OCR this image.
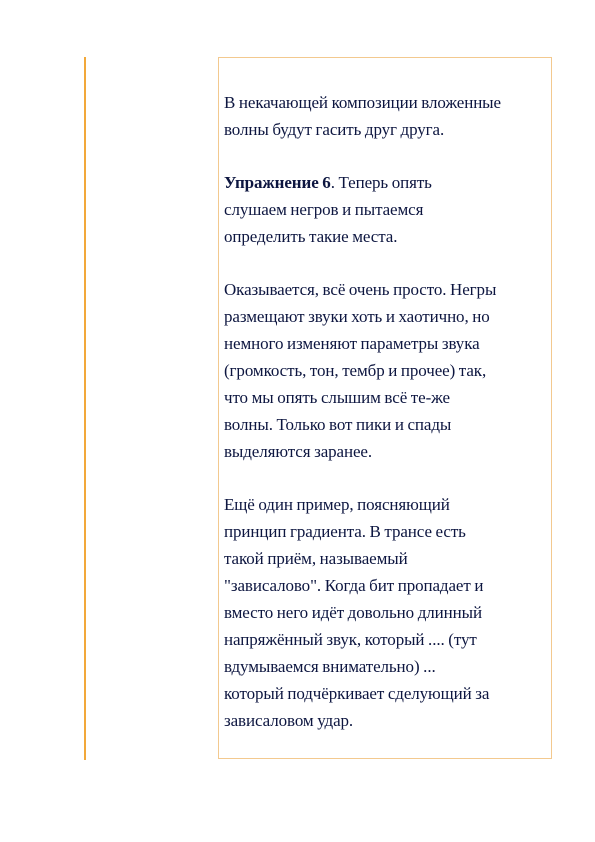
В некачающей композиции вложенные
волны будут гасить друг друга.

Упражнение 6. Теперь опять
слушаем негров и пытаемся
определить такие места.

Оказывается, всё очень просто. Негры
размещают звуки хоть и хаотично, но
немного изменяют параметры звука
(громкость, тон, тембр и прочее) так,
что мы опять слышим всё те-же
волны. Только вот пики и спады
выделяются заранее.

Ещё один пример, поясняющий
принцип градиента. В трансе есть
такой приём, называемый
"зависалово". Когда бит пропадает и
вместо него идёт довольно длинный
напряжённый звук, который .... (тут
вдумываемся внимательно) ...
который подчёркивает сделующий за
зависаловом удар.
